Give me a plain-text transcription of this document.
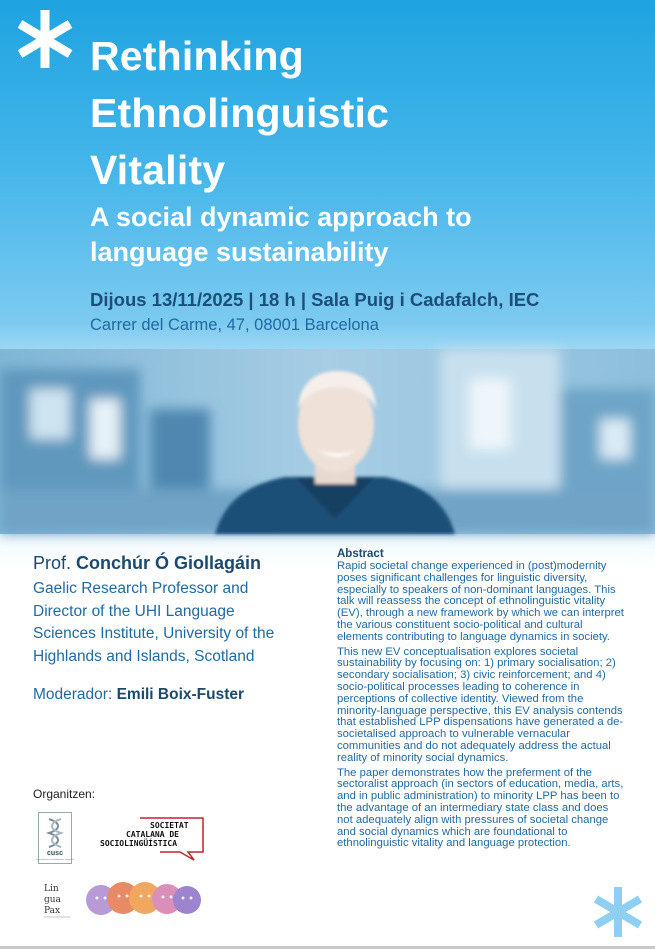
Rethinking
Ethnolinguistic
Vitality
A social dynamic approach to
language sustainability
Dijous 13/11/2025 | 18 h | Sala Puig i Cadafalch, IEC
Carrer del Carme, 47, 08001 Barcelona
Prof. Conchúr Ó Giollagáin
Gaelic Research Professor and
Director of the UHI Language
Sciences Institute, University of the
Highlands and Islands, Scotland
Moderador: Emili Boix-Fuster
Abstract

Rapid societal change experienced in (post)modernity poses significant challenges for linguistic diversity, especially to speakers of non-dominant languages. This talk will reassess the concept of ethnolinguistic vitality (EV), through a new framework by which we can interpret the various constituent socio-political and cultural elements contributing to language dynamics in society.

This new EV conceptualisation explores societal sustainability by focusing on: 1) primary socialisation; 2) secondary socialisation; 3) civic reinforcement; and 4) socio-political processes leading to coherence in perceptions of collective identity. Viewed from the minority-language perspective, this EV analysis contends that established LPP dispensations have generated a de-societalised approach to vulnerable vernacular communities and do not adequately address the actual reality of minority social dynamics.

The paper demonstrates how the preferment of the sectoralist approach (in sectors of education, media, arts, and in public administration) to minority LPP has been to the advantage of an intermediary state class and does not adequately align with pressures of societal change and social dynamics which are foundational to ethnolinguistic vitality and language protection.

Organitzen:
cusc
Centre de Recerca en Sociolingüística i Comunicació
SOCIETAT
CATALANA DE
SOCIOLINGÜÍSTICA
Lin
gua
Pax
